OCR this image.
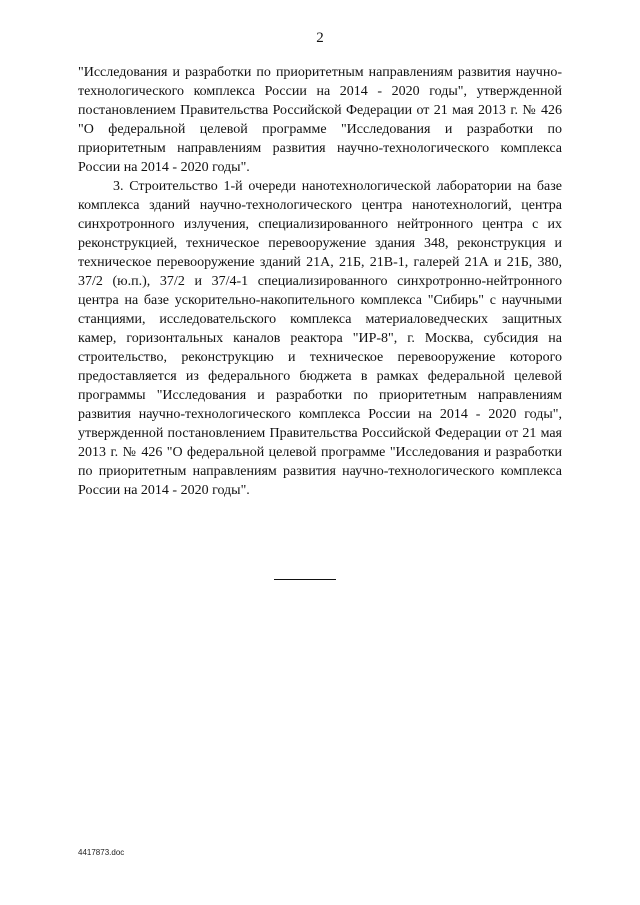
2

"Исследования и разработки по приоритетным направлениям развития научно-технологического комплекса России на 2014 - 2020 годы", утвержденной постановлением Правительства Российской Федерации от 21 мая 2013 г. № 426 "О федеральной целевой программе "Исследования и разработки по приоритетным направлениям развития научно-технологического комплекса России на 2014 - 2020 годы".

3. Строительство 1-й очереди нанотехнологической лаборатории на базе комплекса зданий научно-технологического центра нанотехнологий, центра синхротронного излучения, специализированного нейтронного центра с их реконструкцией, техническое перевооружение здания 348, реконструкция и техническое перевооружение зданий 21А, 21Б, 21В-1, галерей 21А и 21Б, 380, 37/2 (ю.п.), 37/2 и 37/4-1 специализированного синхротронно-нейтронного центра на базе ускорительно-накопительного комплекса "Сибирь" с научными станциями, исследовательского комплекса материаловедческих защитных камер, горизонтальных каналов реактора "ИР-8", г. Москва, субсидия на строительство, реконструкцию и техническое перевооружение которого предоставляется из федерального бюджета в рамках федеральной целевой программы "Исследования и разработки по приоритетным направлениям развития научно-технологического комплекса России на 2014 - 2020 годы", утвержденной постановлением Правительства Российской Федерации от 21 мая 2013 г. № 426 "О федеральной целевой программе "Исследования и разработки по приоритетным направлениям развития научно-технологического комплекса России на 2014 - 2020 годы".

4417873.doc
